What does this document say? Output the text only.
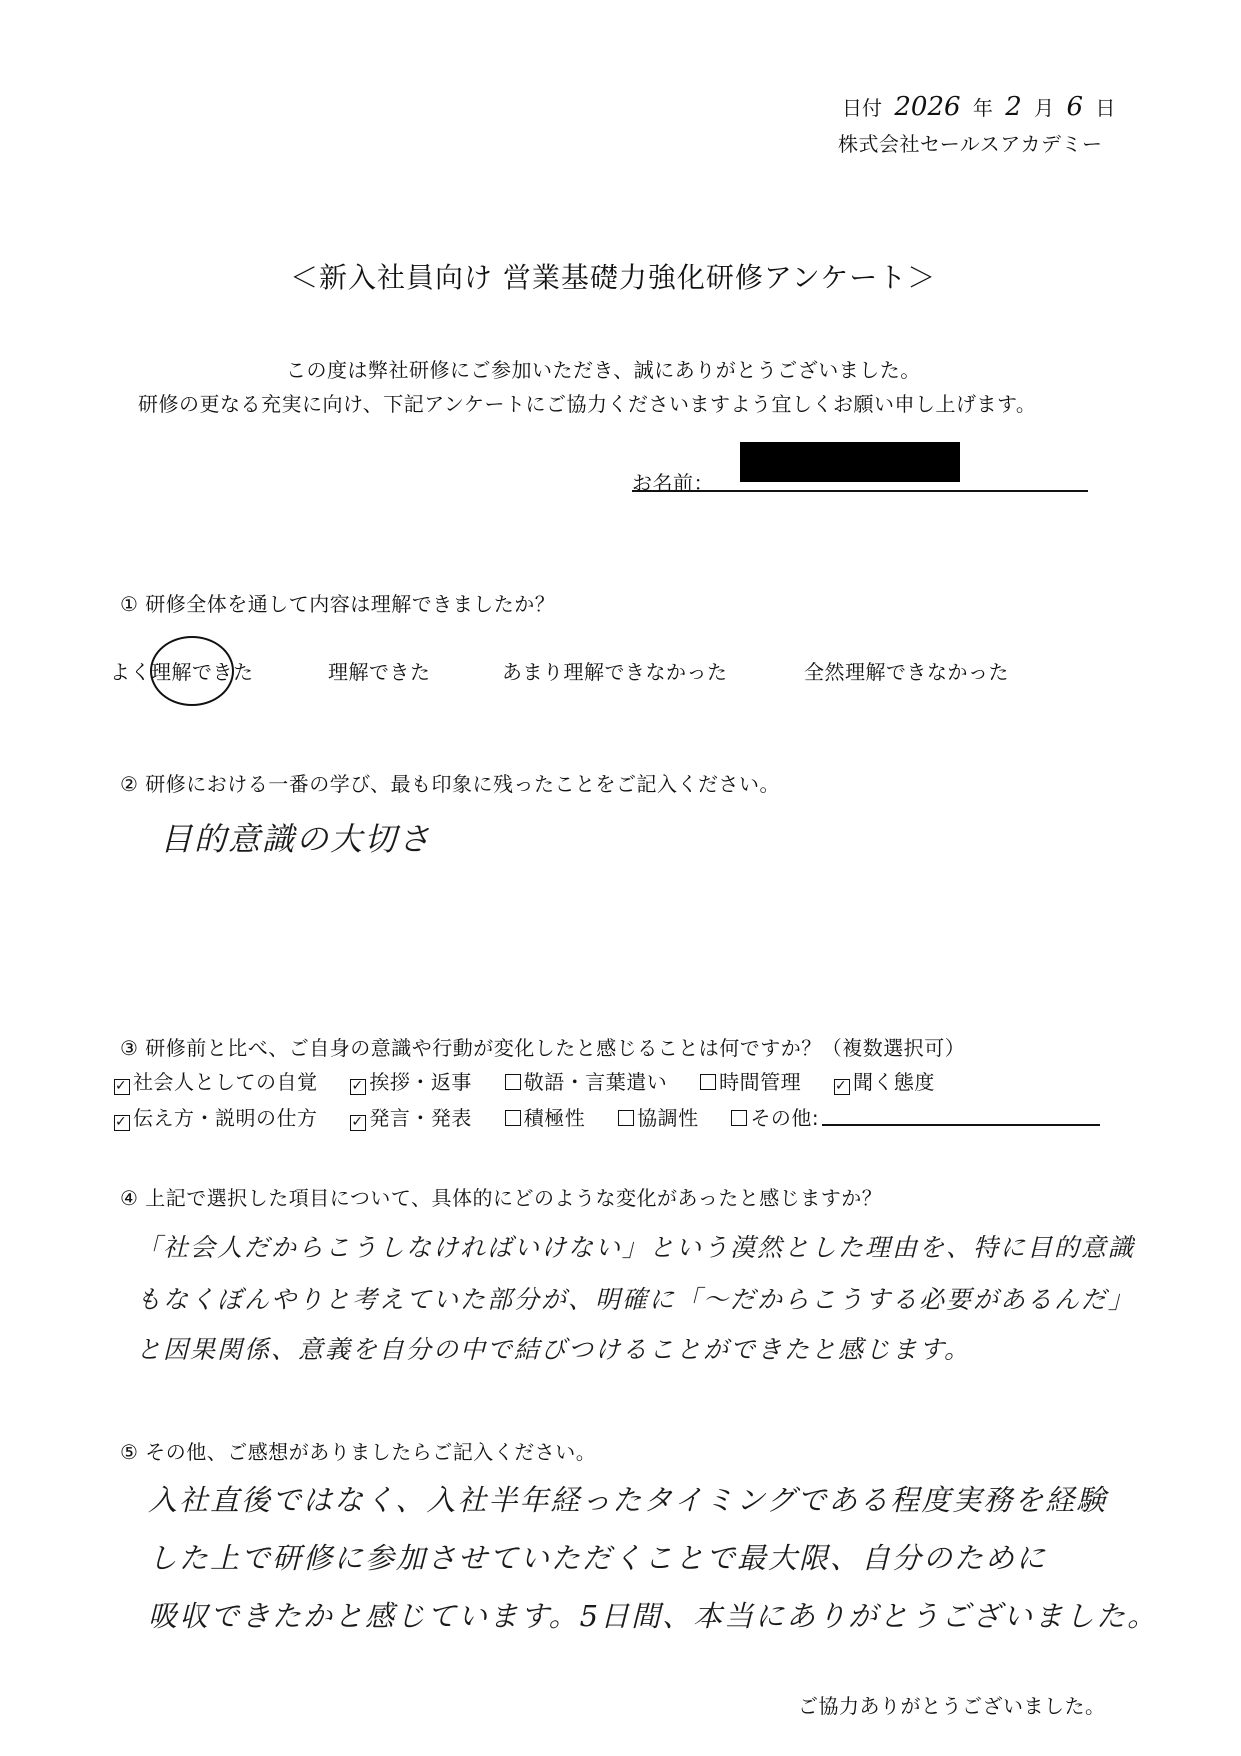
日付 2026 年 2 月 6 日
株式会社セールスアカデミー
＜新入社員向け 営業基礎力強化研修アンケート＞
この度は弊社研修にご参加いただき、誠にありがとうございました。
研修の更なる充実に向け、下記アンケートにご協力くださいますよう宜しくお願い申し上げます。
お名前：
① 研修全体を通して内容は理解できましたか？
よく理解できた	理解できた	あまり理解できなかった	全然理解できなかった
② 研修における一番の学び、最も印象に残ったことをご記入ください。
目的意識の大切さ
③ 研修前と比べ、ご自身の意識や行動が変化したと感じることは何ですか？（複数選択可）
✓ 社会人としての自覚 ✓ 挨拶・返事	敬語・言葉遣い	時間管理 ✓ 聞く態度
✓ 伝え方・説明の仕方 ✓ 発言・発表	積極性	協調性	その他:
④ 上記で選択した項目について、具体的にどのような変化があったと感じますか？
「社会人だからこうしなければいけない」という漠然とした理由を、特に目的意識
もなくぼんやりと考えていた部分が、明確に「〜だからこうする必要があるんだ」
と因果関係、意義を自分の中で結びつけることができたと感じます。
⑤ その他、ご感想がありましたらご記入ください。
入社直後ではなく、入社半年経ったタイミングである程度実務を経験
した上で研修に参加させていただくことで最大限、自分のために
吸収できたかと感じています。5日間、本当にありがとうございました。
ご協力ありがとうございました。
